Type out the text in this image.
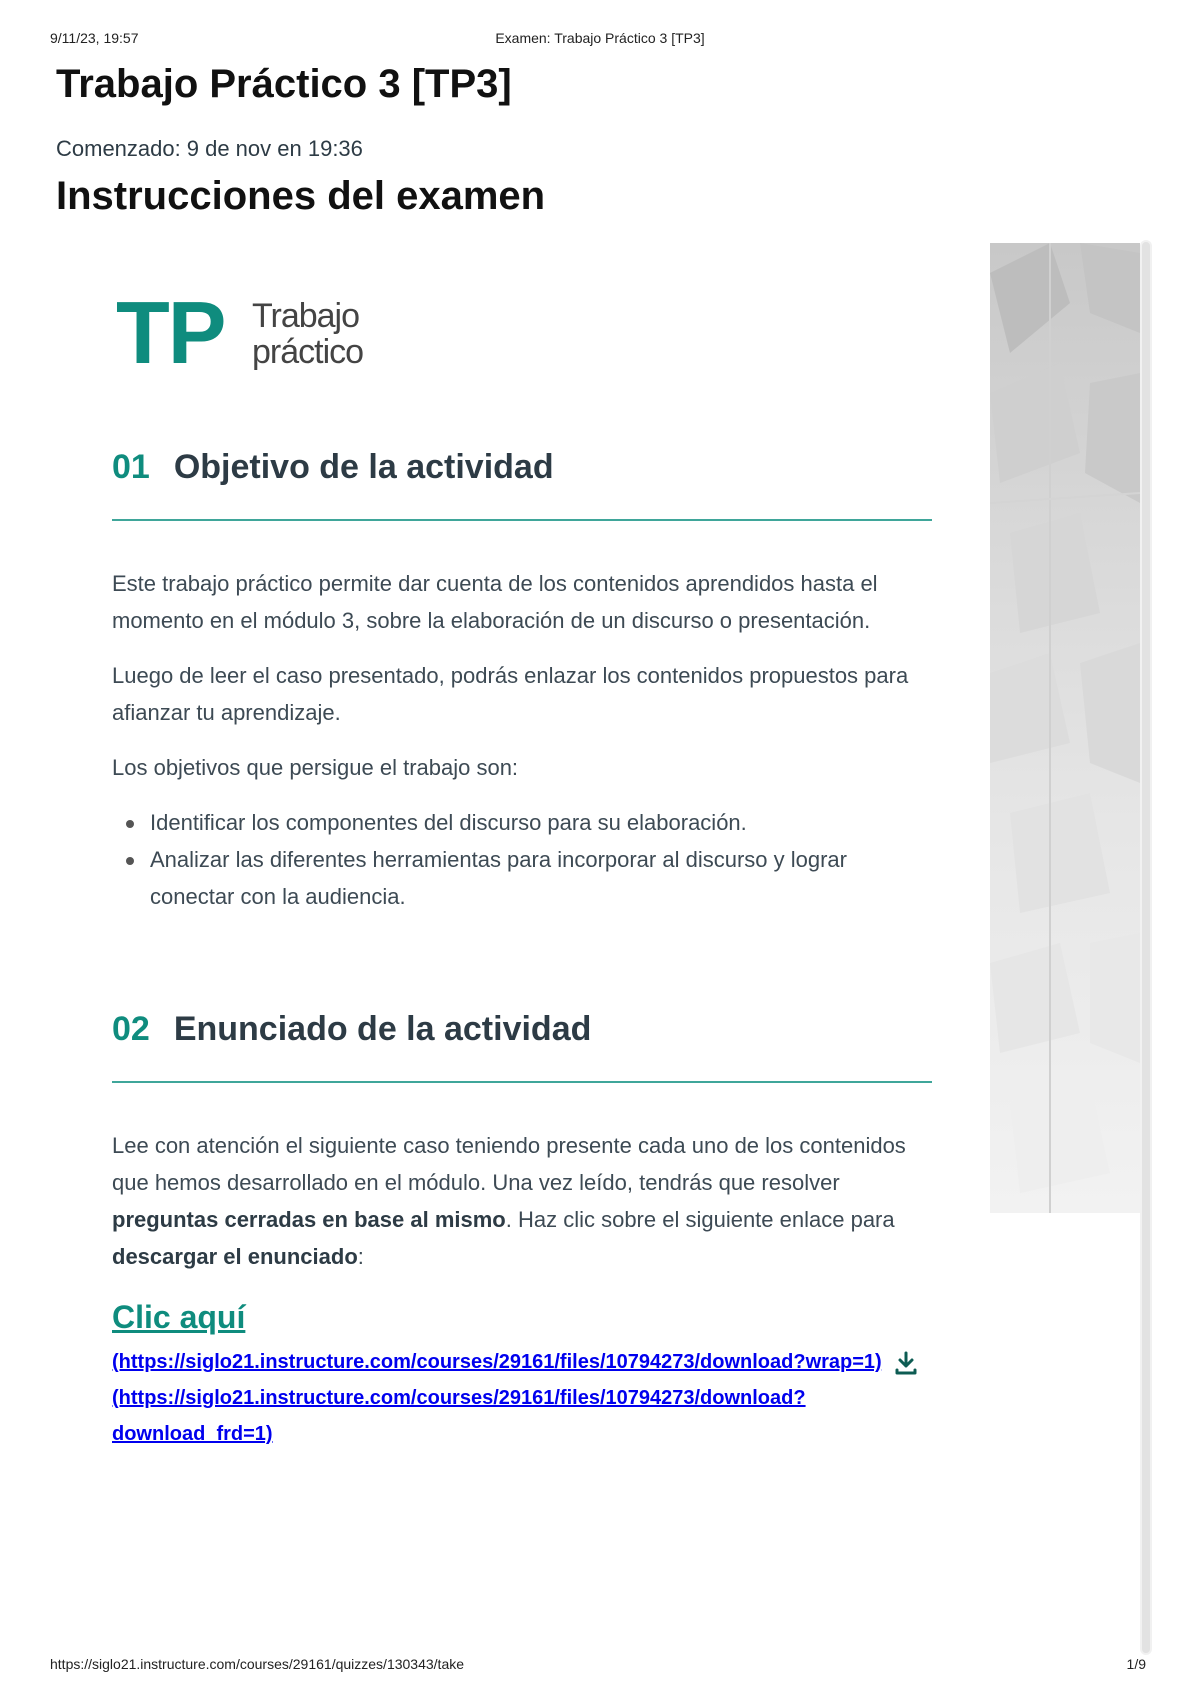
9/11/23, 19:57	Examen: Trabajo Práctico 3 [TP3]
Trabajo Práctico 3 [TP3]
Comenzado: 9 de nov en 19:36
Instrucciones del examen
TP Trabajo
práctico
01 Objetivo de la actividad

Este trabajo práctico permite dar cuenta de los contenidos aprendidos hasta el momento en el módulo 3, sobre la elaboración de un discurso o presentación.

Luego de leer el caso presentado, podrás enlazar los contenidos propuestos para afianzar tu aprendizaje.

Los objetivos que persigue el trabajo son:

Identificar los componentes del discurso para su elaboración.
Analizar las diferentes herramientas para incorporar al discurso y lograr conectar con la audiencia.
02 Enunciado de la actividad

Lee con atención el siguiente caso teniendo presente cada uno de los contenidos que hemos desarrollado en el módulo. Una vez leído, tendrás que resolver preguntas cerradas en base al mismo. Haz clic sobre el siguiente enlace para descargar el enunciado:

Clic aquí
(https://siglo21.instructure.com/courses/29161/files/10794273/download?wrap=1)
(https://siglo21.instructure.com/courses/29161/files/10794273/download?download_frd=1)
https://siglo21.instructure.com/courses/29161/quizzes/130343/take	1/9
